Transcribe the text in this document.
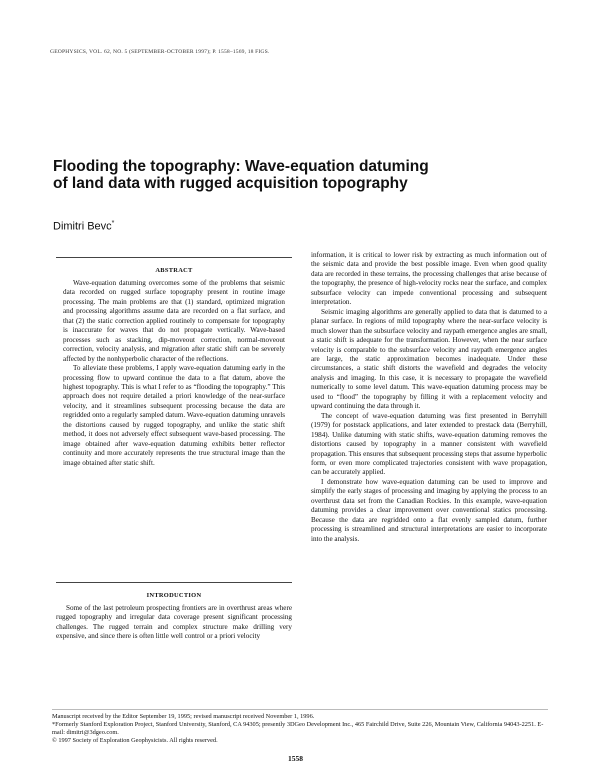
GEOPHYSICS, VOL. 62, NO. 5 (SEPTEMBER-OCTOBER 1997); P. 1558–1569, 18 FIGS.
Flooding the topography: Wave-equation datuming
of land data with rugged acquisition topography
Dimitri Bevc*
ABSTRACT

Wave-equation datuming overcomes some of the problems that seismic data recorded on rugged surface topography present in routine image processing. The main problems are that (1) standard, optimized migration and processing algorithms assume data are recorded on a flat surface, and that (2) the static correction applied routinely to compensate for topography is inaccurate for waves that do not propagate vertically. Wave-based processes such as stacking, dip-moveout correction, normal-moveout correction, velocity analysis, and migration after static shift can be severely affected by the nonhyperbolic character of the reflections.

To alleviate these problems, I apply wave-equation datuming early in the processing flow to upward continue the data to a flat datum, above the highest topography. This is what I refer to as “flooding the topography.” This approach does not require detailed a priori knowledge of the near-surface velocity, and it streamlines subsequent processing because the data are regridded onto a regularly sampled datum. Wave-equation datuming unravels the distortions caused by rugged topography, and unlike the static shift method, it does not adversely effect subsequent wave-based processing. The image obtained after wave-equation datuming exhibits better reflector continuity and more accurately represents the true structural image than the image obtained after static shift.

INTRODUCTION

Some of the last petroleum prospecting frontiers are in overthrust areas where rugged topography and irregular data coverage present significant processing challenges. The rugged terrain and complex structure make drilling very expensive, and since there is often little well control or a priori velocity

information, it is critical to lower risk by extracting as much information out of the seismic data and provide the best possible image. Even when good quality data are recorded in these terrains, the processing challenges that arise because of the topography, the presence of high-velocity rocks near the surface, and complex subsurface velocity can impede conventional processing and subsequent interpretation.

Seismic imaging algorithms are generally applied to data that is datumed to a planar surface. In regions of mild topography where the near-surface velocity is much slower than the subsurface velocity and raypath emergence angles are small, a static shift is adequate for the transformation. However, when the near surface velocity is comparable to the subsurface velocity and raypath emergence angles are large, the static approximation becomes inadequate. Under these circumstances, a static shift distorts the wavefield and degrades the velocity analysis and imaging. In this case, it is necessary to propagate the wavefield numerically to some level datum. This wave-equation datuming process may be used to “flood” the topography by filling it with a replacement velocity and upward continuing the data through it.

The concept of wave-equation datuming was first presented in Berryhill (1979) for poststack applications, and later extended to prestack data (Berryhill, 1984). Unlike datuming with static shifts, wave-equation datuming removes the distortions caused by topography in a manner consistent with wavefield propagation. This ensures that subsequent processing steps that assume hyperbolic form, or even more complicated trajectories consistent with wave propagation, can be accurately applied.

I demonstrate how wave-equation datuming can be used to improve and simplify the early stages of processing and imaging by applying the process to an overthrust data set from the Canadian Rockies. In this example, wave-equation datuming provides a clear improvement over conventional statics processing. Because the data are regridded onto a flat evenly sampled datum, further processing is streamlined and structural interpretations are easier to incorporate into the analysis.

Manuscript received by the Editor September 19, 1995; revised manuscript received November 1, 1996.

*Formerly Stanford Exploration Project, Stanford University, Stanford, CA 94305; presently 3DGeo Development Inc., 465 Fairchild Drive, Suite 226, Mountain View, California 94043-2251. E-mail: dimitri@3dgeo.com.

© 1997 Society of Exploration Geophysicists. All rights reserved.

1558
